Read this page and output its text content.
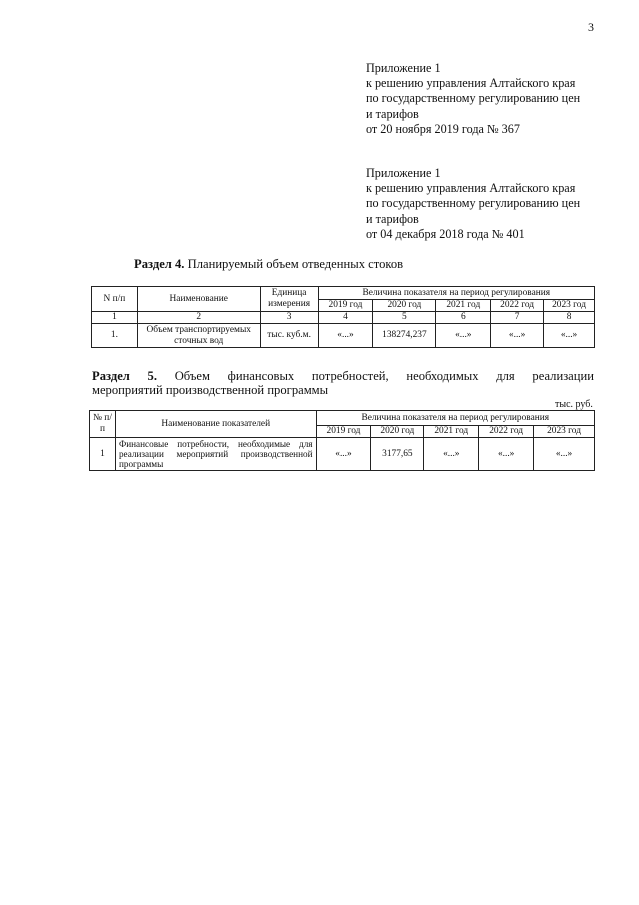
3
Приложение 1
к решению управления Алтайского края
по государственному регулированию цен
и тарифов
от 20 ноября 2019 года № 367
Приложение 1
к решению управления Алтайского края
по государственному регулированию цен
и тарифов
от 04 декабря 2018 года № 401
Раздел 4. Планируемый объем отведенных стоков
N п/п	Наименование	Единица измерения	Величина показателя на период регулирования				
			2019 год	2020 год	2021 год	2022 год	2023 год
1	2	3	4	5	6	7	8
1.	Объем транспортируемых сточных вод	тыс. куб.м.	«...»	138274,237	«...»	«...»	«...»
Раздел 5. Объем финансовых потребностей, необходимых для реализации
мероприятий производственной программы
тыс. руб.
№ п/п	Наименование показателей	Величина показателя на период регулирования				
		2019 год	2020 год	2021 год	2022 год	2023 год
1	Финансовые потребности, необходимые для реализации мероприятий производственной программы	«...»	3177,65	«...»	«...»	«...»
